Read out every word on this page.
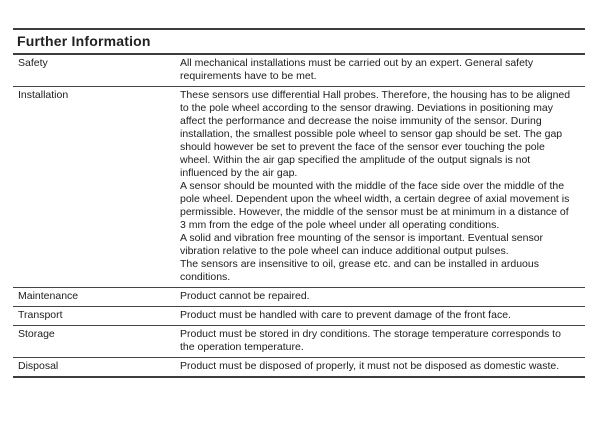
Further Information
Safety	All mechanical installations must be carried out by an expert. General safety requirements have to be met.
Installation	These sensors use differential Hall probes. Therefore, the housing has to be aligned to the pole wheel according to the sensor drawing. Deviations in positioning may affect the performance and decrease the noise immunity of the sensor. During installation, the smallest possible pole wheel to sensor gap should be set. The gap should however be set to prevent the face of the sensor ever touching the pole wheel. Within the air gap specified the amplitude of the output signals is not influenced by the air gap.
A sensor should be mounted with the middle of the face side over the middle of the pole wheel. Dependent upon the wheel width, a certain degree of axial movement is permissible. However, the middle of the sensor must be at minimum in a distance of 3 mm from the edge of the pole wheel under all operating conditions.
A solid and vibration free mounting of the sensor is important. Eventual sensor vibration relative to the pole wheel can induce additional output pulses.
The sensors are insensitive to oil, grease etc. and can be installed in arduous conditions.
Maintenance	Product cannot be repaired.
Transport	Product must be handled with care to prevent damage of the front face.
Storage	Product must be stored in dry conditions. The storage temperature corresponds to the operation temperature.
Disposal	Product must be disposed of properly, it must not be disposed as domestic waste.
